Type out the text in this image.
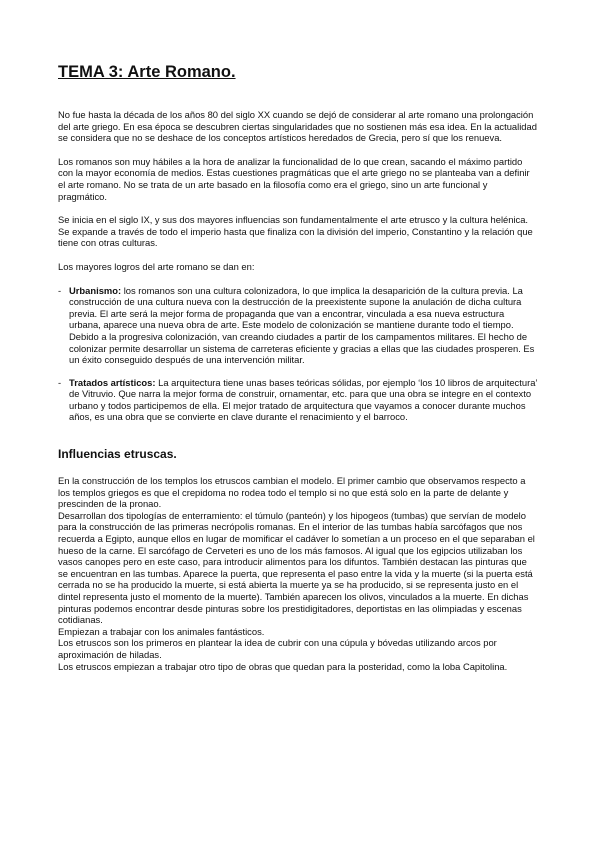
TEMA 3: Arte Romano.

No fue hasta la década de los años 80 del siglo XX cuando se dejó de considerar al arte romano una prolongación del arte griego. En esa época se descubren ciertas singularidades que no sostienen más esa idea. En la actualidad se considera que no se deshace de los conceptos artísticos heredados de Grecia, pero sí que los renueva.

Los romanos son muy hábiles a la hora de analizar la funcionalidad de lo que crean, sacando el máximo partido con la mayor economía de medios. Estas cuestiones pragmáticas que el arte griego no se planteaba van a definir el arte romano. No se trata de un arte basado en la filosofía como era el griego, sino un arte funcional y pragmático.

Se inicia en el siglo IX, y sus dos mayores influencias son fundamentalmente el arte etrusco y la cultura helénica. Se expande a través de todo el imperio hasta que finaliza con la división del imperio, Constantino y la relación que tiene con otras culturas.

Los mayores logros del arte romano se dan en:

- Urbanismo: los romanos son una cultura colonizadora, lo que implica la desaparición de la cultura previa. La construcción de una cultura nueva con la destrucción de la preexistente supone la anulación de dicha cultura previa. El arte será la mejor forma de propaganda que van a encontrar, vinculada a esa nueva estructura urbana, aparece una nueva obra de arte. Este modelo de colonización se mantiene durante todo el tiempo. Debido a la progresiva colonización, van creando ciudades a partir de los campamentos militares. El hecho de colonizar permite desarrollar un sistema de carreteras eficiente y gracias a ellas que las ciudades prosperen. Es un éxito conseguido después de una intervención militar.
- Tratados artísticos: La arquitectura tiene unas bases teóricas sólidas, por ejemplo ‘los 10 libros de arquitectura’ de Vitruvio. Que narra la mejor forma de construir, ornamentar, etc. para que una obra se integre en el contexto urbano y todos participemos de ella. El mejor tratado de arquitectura que vayamos a conocer durante muchos años, es una obra que se convierte en clave durante el renacimiento y el barroco.
Influencias etruscas.

En la construcción de los templos los etruscos cambian el modelo. El primer cambio que observamos respecto a los templos griegos es que el crepidoma no rodea todo el templo si no que está solo en la parte de delante y prescinden de la pronao.

Desarrollan dos tipologías de enterramiento: el túmulo (panteón) y los hipogeos (tumbas) que servían de modelo para la construcción de las primeras necrópolis romanas. En el interior de las tumbas había sarcófagos que nos recuerda a Egipto, aunque ellos en lugar de momificar el cadáver lo sometían a un proceso en el que separaban el hueso de la carne. El sarcófago de Cerveteri es uno de los más famosos. Al igual que los egipcios utilizaban los vasos canopes pero en este caso, para introducir alimentos para los difuntos. También destacan las pinturas que se encuentran en las tumbas. Aparece la puerta, que representa el paso entre la vida y la muerte (si la puerta está cerrada no se ha producido la muerte, si está abierta la muerte ya se ha producido, si se representa justo en el dintel representa justo el momento de la muerte). También aparecen los olivos, vinculados a la muerte. En dichas pinturas podemos encontrar desde pinturas sobre los prestidigitadores, deportistas en las olimpiadas y escenas cotidianas.

Empiezan a trabajar con los animales fantásticos.

Los etruscos son los primeros en plantear la idea de cubrir con una cúpula y bóvedas utilizando arcos por aproximación de hiladas.

Los etruscos empiezan a trabajar otro tipo de obras que quedan para la posteridad, como la loba Capitolina.
